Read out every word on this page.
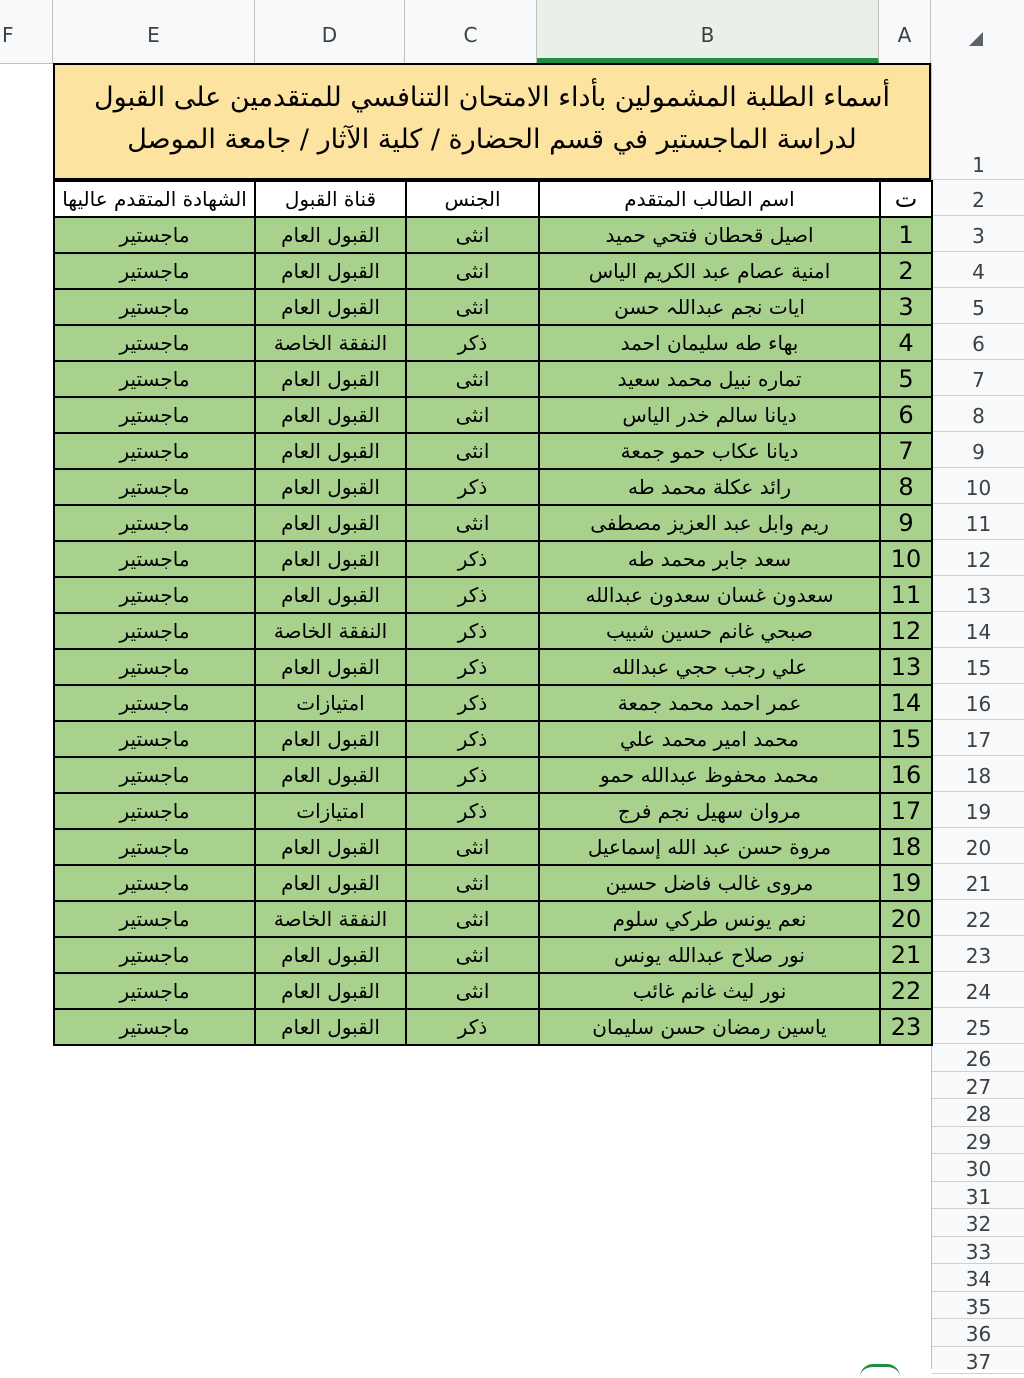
F	E	D	C	B	A
1
2
3
4
5
6
7
8
9
10
11
12
13
14
15
16
17
18
19
20
21
22
23
24
25
26
27
28
29
30
31
32
33
34
35
36
37
أسماء الطلبة المشمولين بأداء الامتحان التنافسي للمتقدمين على القبول
لدراسة الماجستير في قسم الحضارة / كلية الآثار / جامعة الموصل
ت	اسم الطالب المتقدم	الجنس	قناة القبول	الشهادة المتقدم عاليها
1	اصيل قحطان فتحي حميد	انثى	القبول العام	ماجستير
2	امنية عصام عبد الكريم الياس	انثى	القبول العام	ماجستير
3	ايات نجم عبداللہ حسن	انثى	القبول العام	ماجستير
4	بهاء طه سليمان احمد	ذكر	النفقة الخاصة	ماجستير
5	تماره نبيل محمد سعيد	انثى	القبول العام	ماجستير
6	ديانا سالم خدر الياس	انثى	القبول العام	ماجستير
7	ديانا عكاب حمو جمعة	انثى	القبول العام	ماجستير
8	رائد عكلة محمد طه	ذكر	القبول العام	ماجستير
9	ريم وابل عبد العزيز مصطفى	انثى	القبول العام	ماجستير
10	سعد جابر محمد طه	ذكر	القبول العام	ماجستير
11	سعدون غسان سعدون عبدالله	ذكر	القبول العام	ماجستير
12	صبحي غانم حسين شبيب	ذكر	النفقة الخاصة	ماجستير
13	علي رجب حجي عبدالله	ذكر	القبول العام	ماجستير
14	عمر احمد محمد جمعة	ذكر	امتيازات	ماجستير
15	محمد امير محمد علي	ذكر	القبول العام	ماجستير
16	محمد محفوظ عبدالله حمو	ذكر	القبول العام	ماجستير
17	مروان سهيل نجم فرج	ذكر	امتيازات	ماجستير
18	مروة حسن عبد الله إسماعيل	انثى	القبول العام	ماجستير
19	مروى غالب فاضل حسين	انثى	القبول العام	ماجستير
20	نعم يونس طركي سلوم	انثى	النفقة الخاصة	ماجستير
21	نور صلاح عبدالله يونس	انثى	القبول العام	ماجستير
22	نور ليث غانم غائب	انثى	القبول العام	ماجستير
23	ياسين رمضان حسن سليمان	ذكر	القبول العام	ماجستير
